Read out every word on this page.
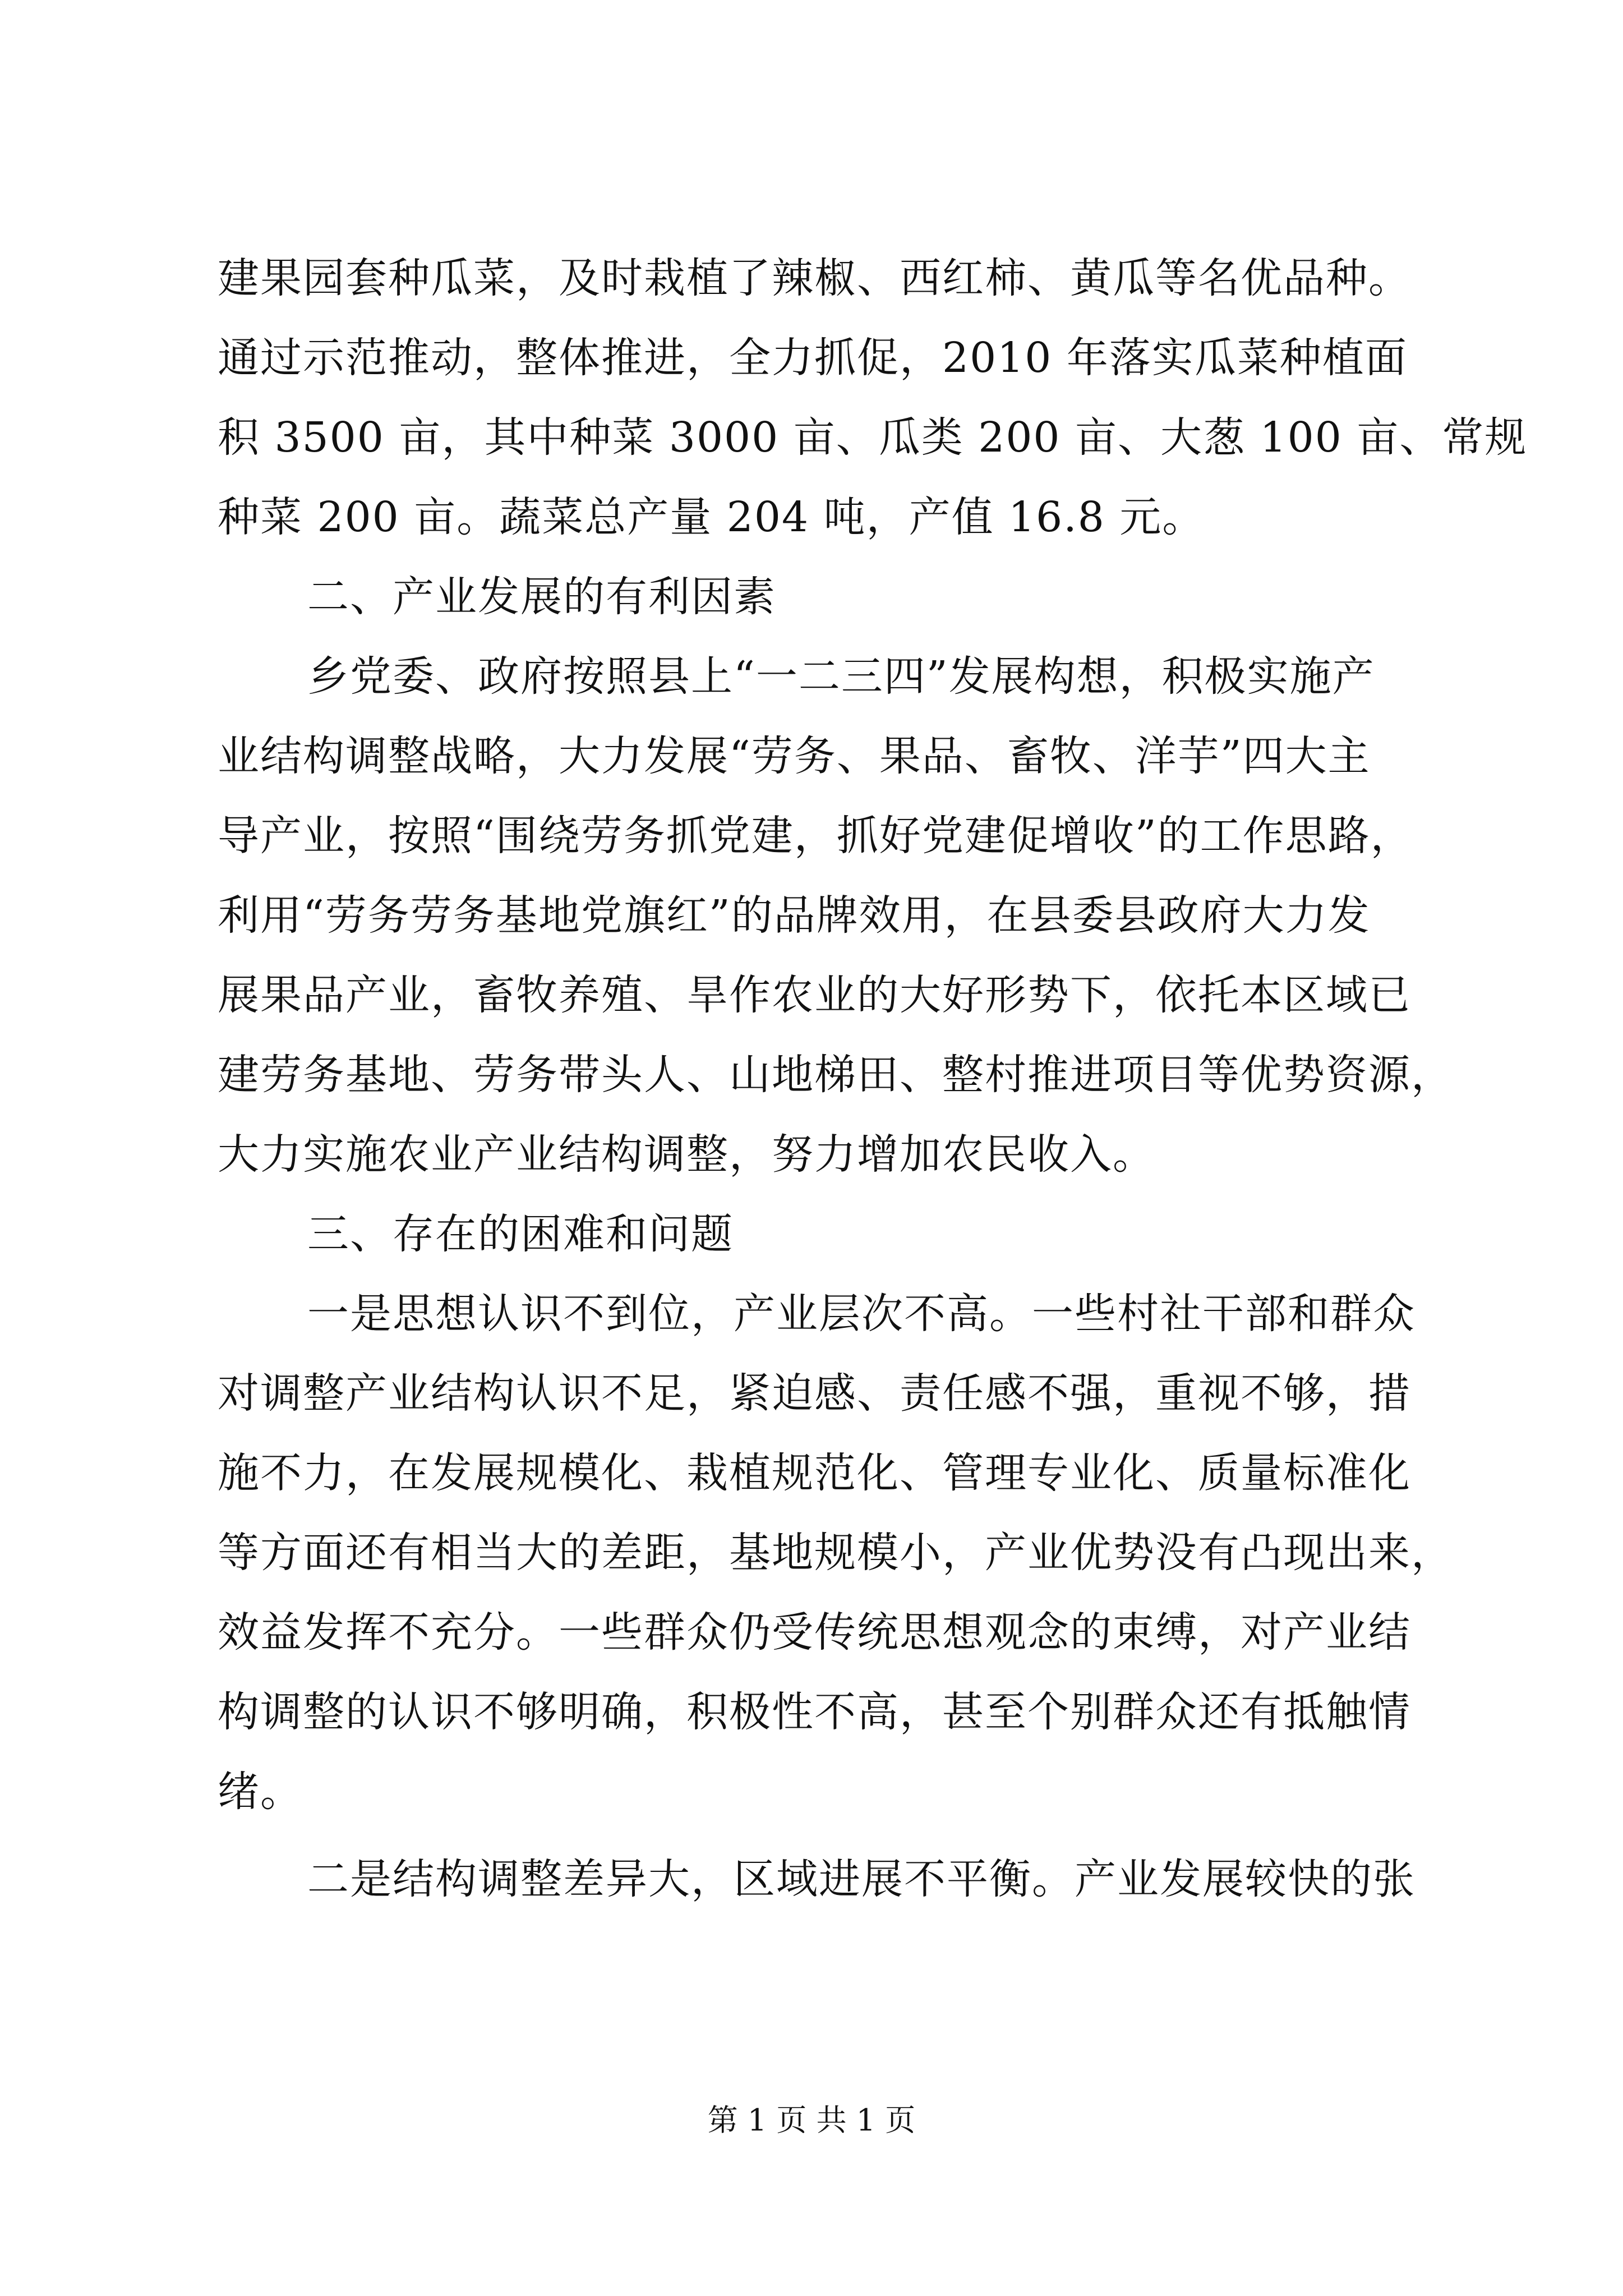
建果园套种瓜菜，及时栽植了辣椒、西红柿、黄瓜等名优品种。
通过示范推动，整体推进，全力抓促，2010 年落实瓜菜种植面
积 3500 亩，其中种菜 3000 亩、瓜类 200 亩、大葱 100 亩、常规
种菜 200 亩。蔬菜总产量 204 吨，产值 16.8 元。
二、产业发展的有利因素
乡党委、政府按照县上“一二三四”发展构想，积极实施产
业结构调整战略，大力发展“劳务、果品、畜牧、洋芋”四大主
导产业，按照“围绕劳务抓党建，抓好党建促增收”的工作思路，
利用“劳务劳务基地党旗红”的品牌效用，在县委县政府大力发
展果品产业，畜牧养殖、旱作农业的大好形势下，依托本区域已
建劳务基地、劳务带头人、山地梯田、整村推进项目等优势资源，
大力实施农业产业结构调整，努力增加农民收入。
三、存在的困难和问题
一是思想认识不到位，产业层次不高。一些村社干部和群众
对调整产业结构认识不足，紧迫感、责任感不强，重视不够，措
施不力，在发展规模化、栽植规范化、管理专业化、质量标准化
等方面还有相当大的差距，基地规模小，产业优势没有凸现出来，
效益发挥不充分。一些群众仍受传统思想观念的束缚，对产业结
构调整的认识不够明确，积极性不高，甚至个别群众还有抵触情
绪。
二是结构调整差异大，区域进展不平衡。产业发展较快的张
第 1 页 共 1 页
